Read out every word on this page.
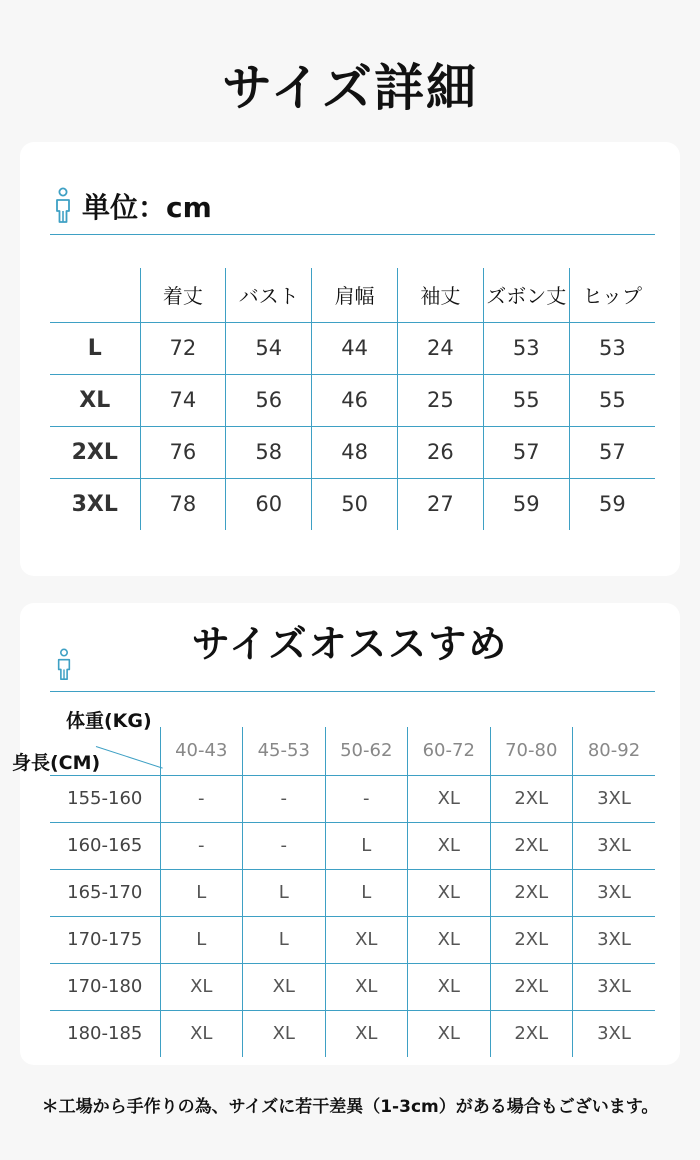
サイズ詳細
単位：cm
	着丈	バスト	肩幅	袖丈	ズボン丈	ヒップ
L	72	54	44	24	53	53
XL	74	56	46	25	55	55
2XL	76	58	48	26	57	57
3XL	78	60	50	27	59	59
サイズオススすめ
	40-43	45-53	50-62	60-72	70-80	80-92
155-160	-	-	-	XL	2XL	3XL
160-165	-	-	L	XL	2XL	3XL
165-170	L	L	L	XL	2XL	3XL
170-175	L	L	XL	XL	2XL	3XL
170-180	XL	XL	XL	XL	2XL	3XL
180-185	XL	XL	XL	XL	2XL	3XL
体重(KG)
身長(CM)
＊工場から手作りの為、サイズに若干差異（1-3cm）がある場合もございます。
